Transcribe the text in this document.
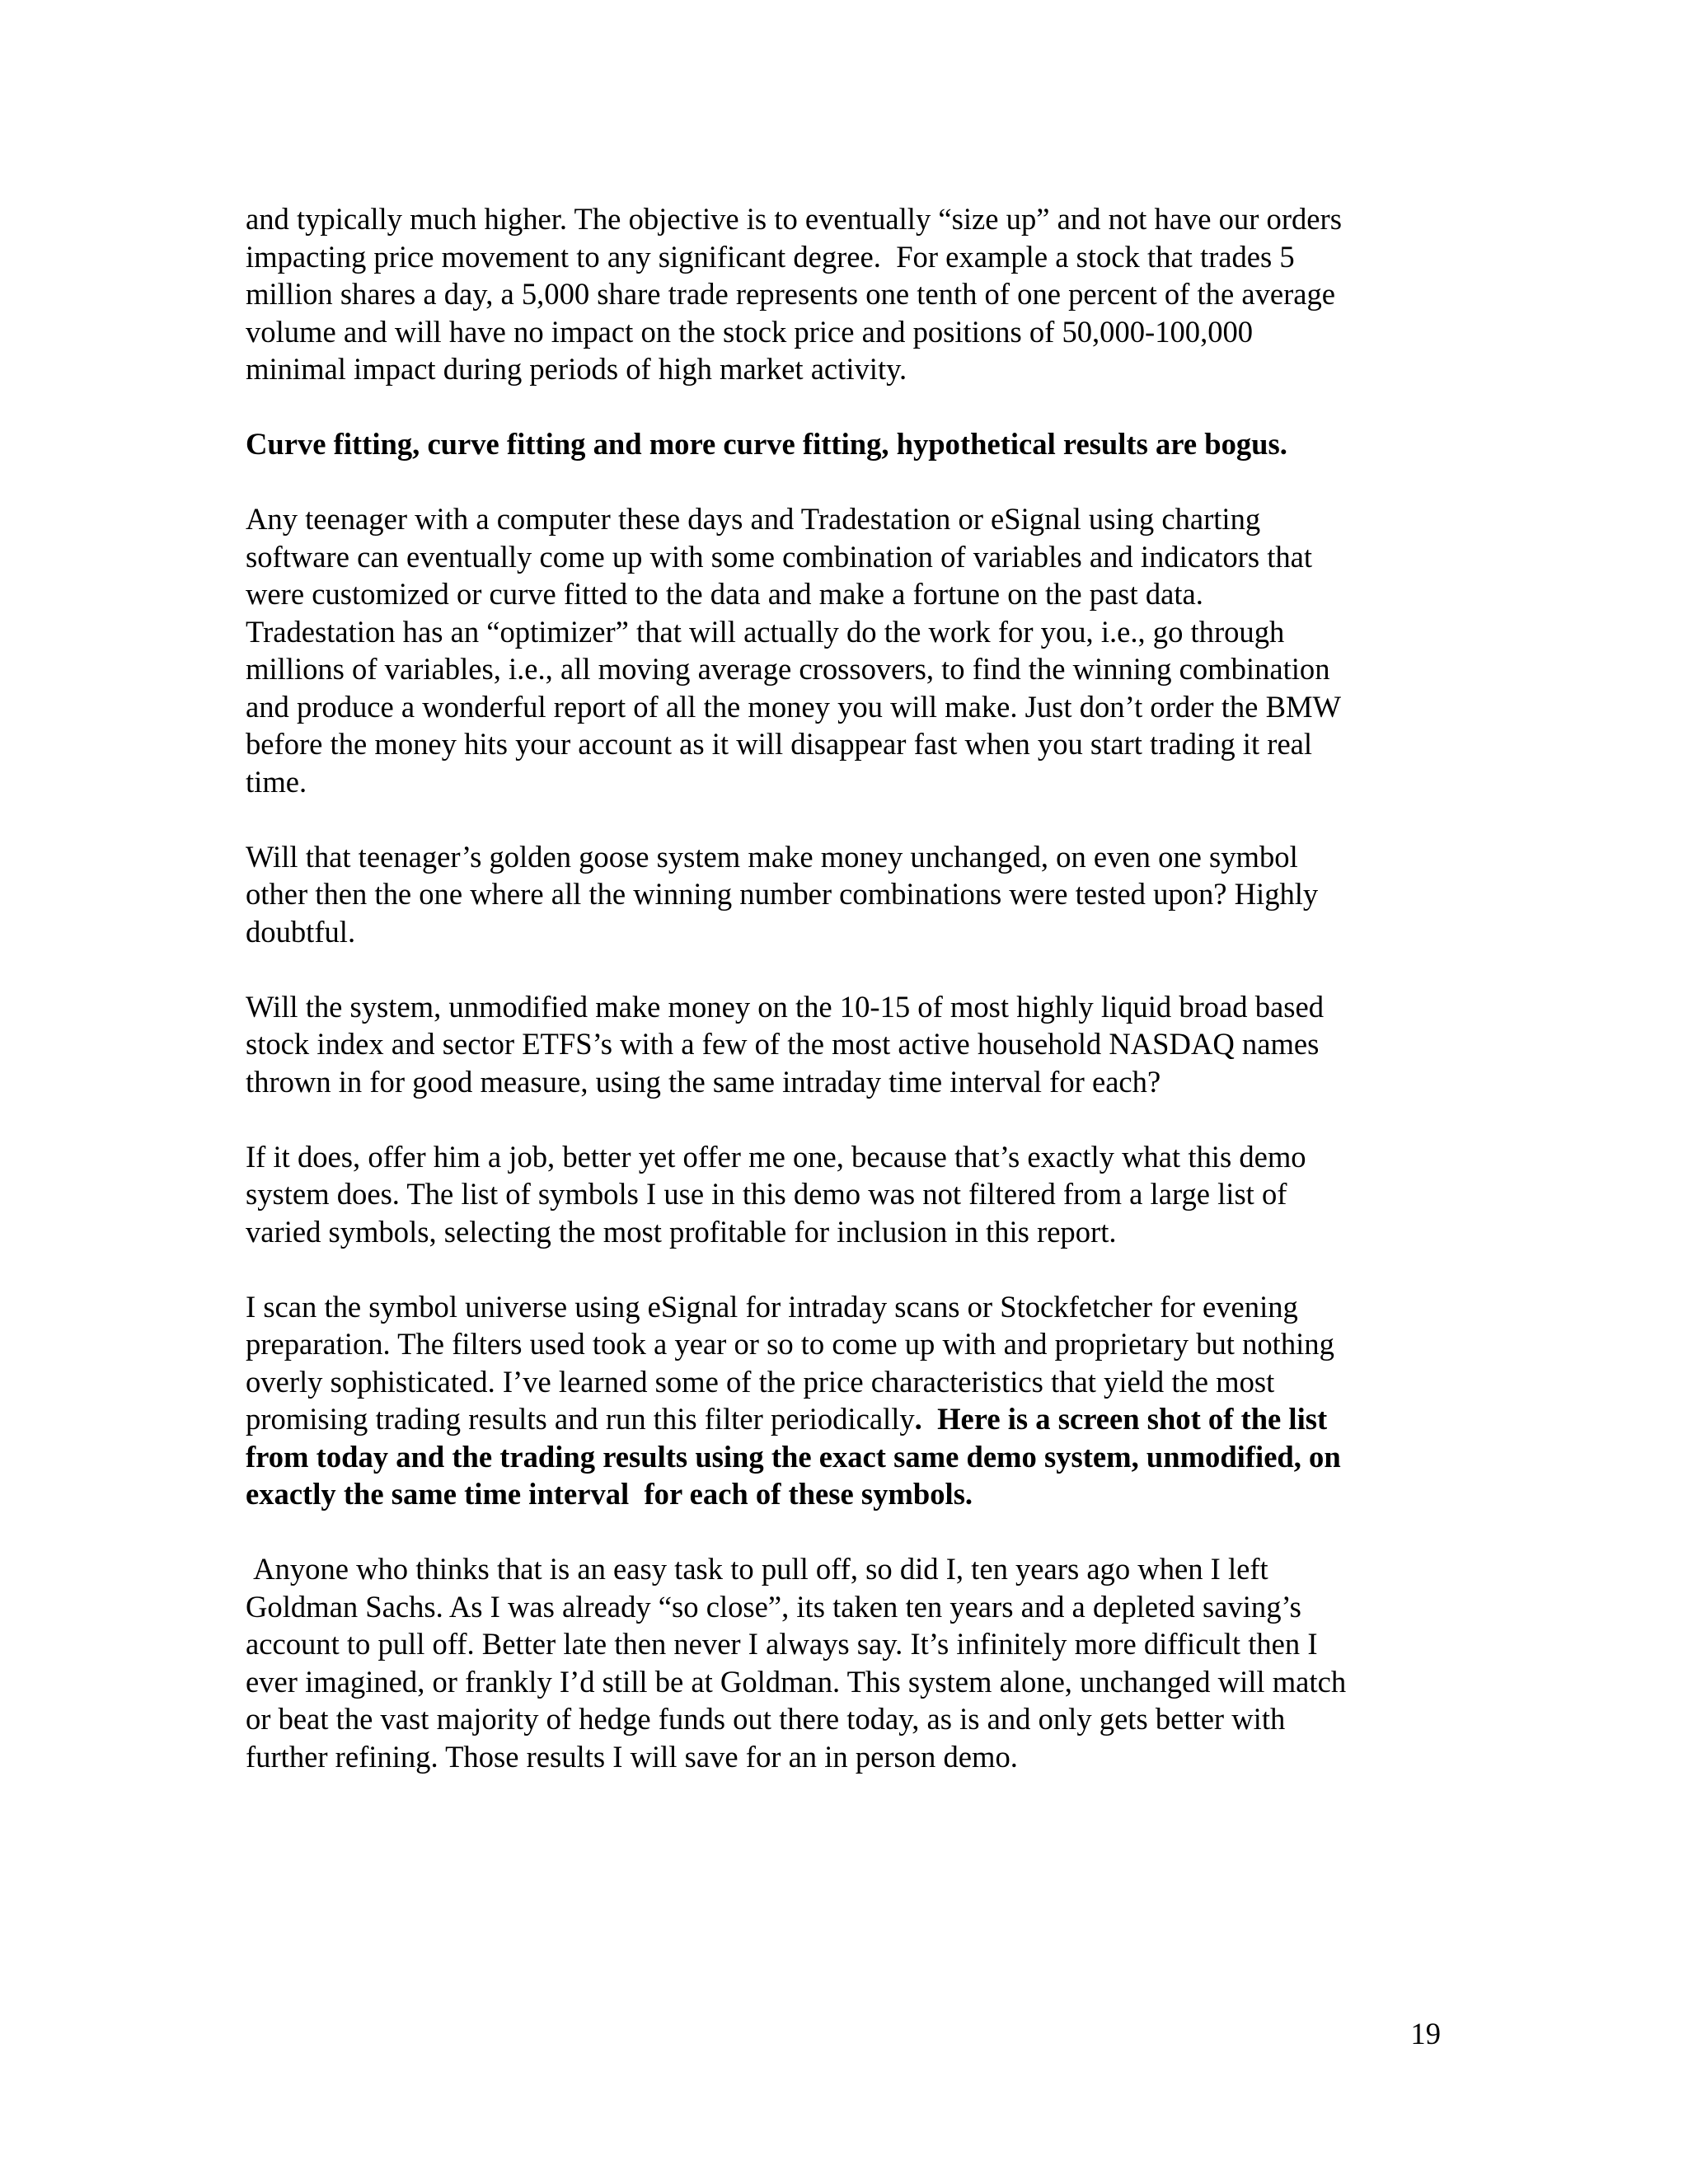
and typically much higher. The objective is to eventually “size up” and not have our orders

impacting price movement to any significant degree.  For example a stock that trades 5

million shares a day, a 5,000 share trade represents one tenth of one percent of the average

volume and will have no impact on the stock price and positions of 50,000-100,000

minimal impact during periods of high market activity.

Curve fitting, curve fitting and more curve fitting, hypothetical results are bogus.

Any teenager with a computer these days and Tradestation or eSignal using charting

software can eventually come up with some combination of variables and indicators that

were customized or curve fitted to the data and make a fortune on the past data.

Tradestation has an “optimizer” that will actually do the work for you, i.e., go through

millions of variables, i.e., all moving average crossovers, to find the winning combination

and produce a wonderful report of all the money you will make. Just don’t order the BMW

before the money hits your account as it will disappear fast when you start trading it real

time.

Will that teenager’s golden goose system make money unchanged, on even one symbol

other then the one where all the winning number combinations were tested upon? Highly

doubtful.

Will the system, unmodified make money on the 10-15 of most highly liquid broad based

stock index and sector ETFS’s with a few of the most active household NASDAQ names

thrown in for good measure, using the same intraday time interval for each?

If it does, offer him a job, better yet offer me one, because that’s exactly what this demo

system does. The list of symbols I use in this demo was not filtered from a large list of

varied symbols, selecting the most profitable for inclusion in this report.

I scan the symbol universe using eSignal for intraday scans or Stockfetcher for evening

preparation. The filters used took a year or so to come up with and proprietary but nothing

overly sophisticated. I’ve learned some of the price characteristics that yield the most

promising trading results and run this filter periodically.  Here is a screen shot of the list

from today and the trading results using the exact same demo system, unmodified, on

exactly the same time interval  for each of these symbols.

Anyone who thinks that is an easy task to pull off, so did I, ten years ago when I left

Goldman Sachs. As I was already “so close”, its taken ten years and a depleted saving’s

account to pull off. Better late then never I always say. It’s infinitely more difficult then I

ever imagined, or frankly I’d still be at Goldman. This system alone, unchanged will match

or beat the vast majority of hedge funds out there today, as is and only gets better with

further refining. Those results I will save for an in person demo.

19
